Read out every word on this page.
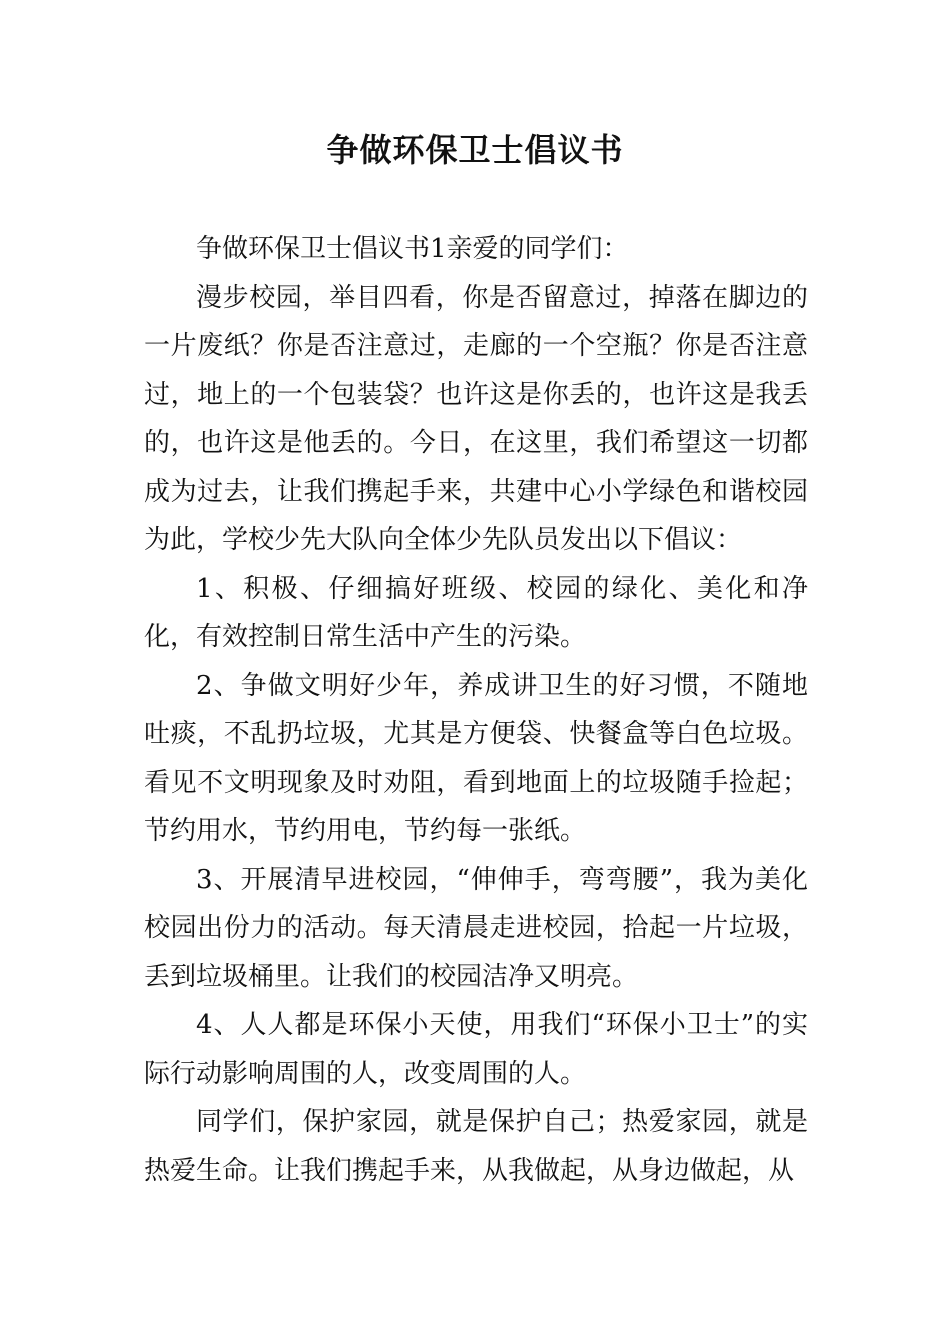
争做环保卫士倡议书

争做环保卫士倡议书1亲爱的同学们：

漫步校园，举目四看，你是否留意过，掉落在脚边的一片废纸？你是否注意过，走廊的一个空瓶？你是否注意过，地上的一个包装袋？也许这是你丢的，也许这是我丢的，也许这是他丢的。今日，在这里，我们希望这一切都成为过去，让我们携起手来，共建中心小学绿色和谐校园为此，学校少先大队向全体少先队员发出以下倡议：

1、积极、仔细搞好班级、校园的绿化、美化和净化，有效控制日常生活中产生的污染。

2、争做文明好少年，养成讲卫生的好习惯，不随地吐痰，不乱扔垃圾，尤其是方便袋、快餐盒等白色垃圾。看见不文明现象及时劝阻，看到地面上的垃圾随手捡起；节约用水，节约用电，节约每一张纸。

3、开展清早进校园，“伸伸手，弯弯腰”，我为美化校园出份力的活动。每天清晨走进校园，拾起一片垃圾，丢到垃圾桶里。让我们的校园洁净又明亮。

4、人人都是环保小天使，用我们“环保小卫士”的实际行动影响周围的人，改变周围的人。

同学们，保护家园，就是保护自己；热爱家园，就是热爱生命。让我们携起手来，从我做起，从身边做起，从
